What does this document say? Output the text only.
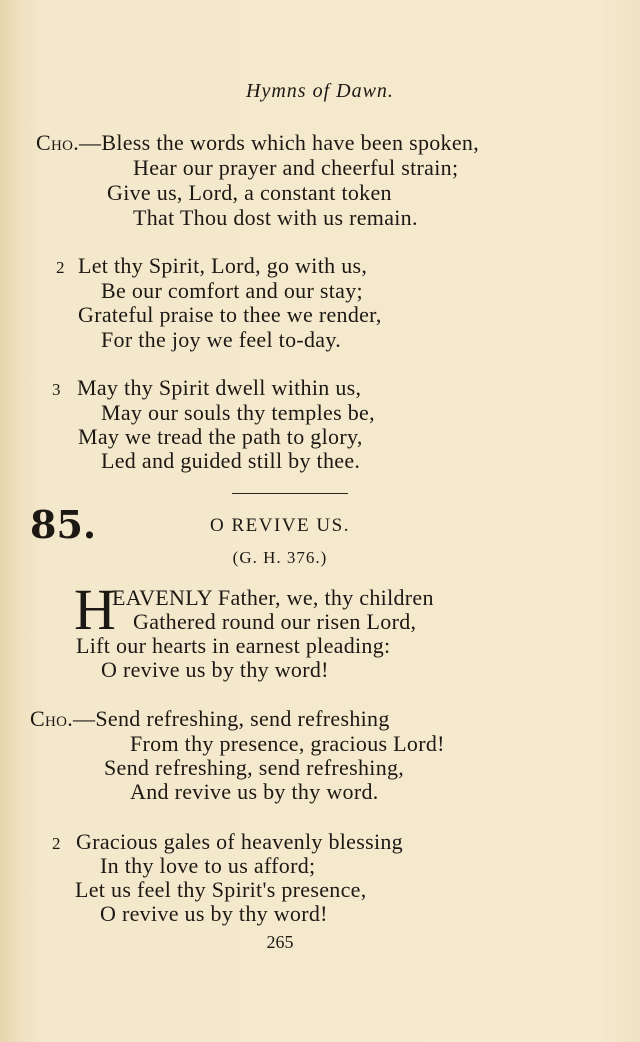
Hymns of Dawn.
Cho.—Bless the words which have been spoken,
Hear our prayer and cheerful strain;
Give us, Lord, a constant token
That Thou dost with us remain.
2 Let thy Spirit, Lord, go with us,
Be our comfort and our stay;
Grateful praise to thee we render,
For the joy we feel to-day.
3 May thy Spirit dwell within us,
May our souls thy temples be,
May we tread the path to glory,
Led and guided still by thee.
85.	O REVIVE US.
(G. H. 376.)
H
EAVENLY Father, we, thy children
Gathered round our risen Lord,
Lift our hearts in earnest pleading:
O revive us by thy word!
Cho.—Send refreshing, send refreshing
From thy presence, gracious Lord!
Send refreshing, send refreshing,
And revive us by thy word.
2 Gracious gales of heavenly blessing
In thy love to us afford;
Let us feel thy Spirit's presence,
O revive us by thy word!
265
